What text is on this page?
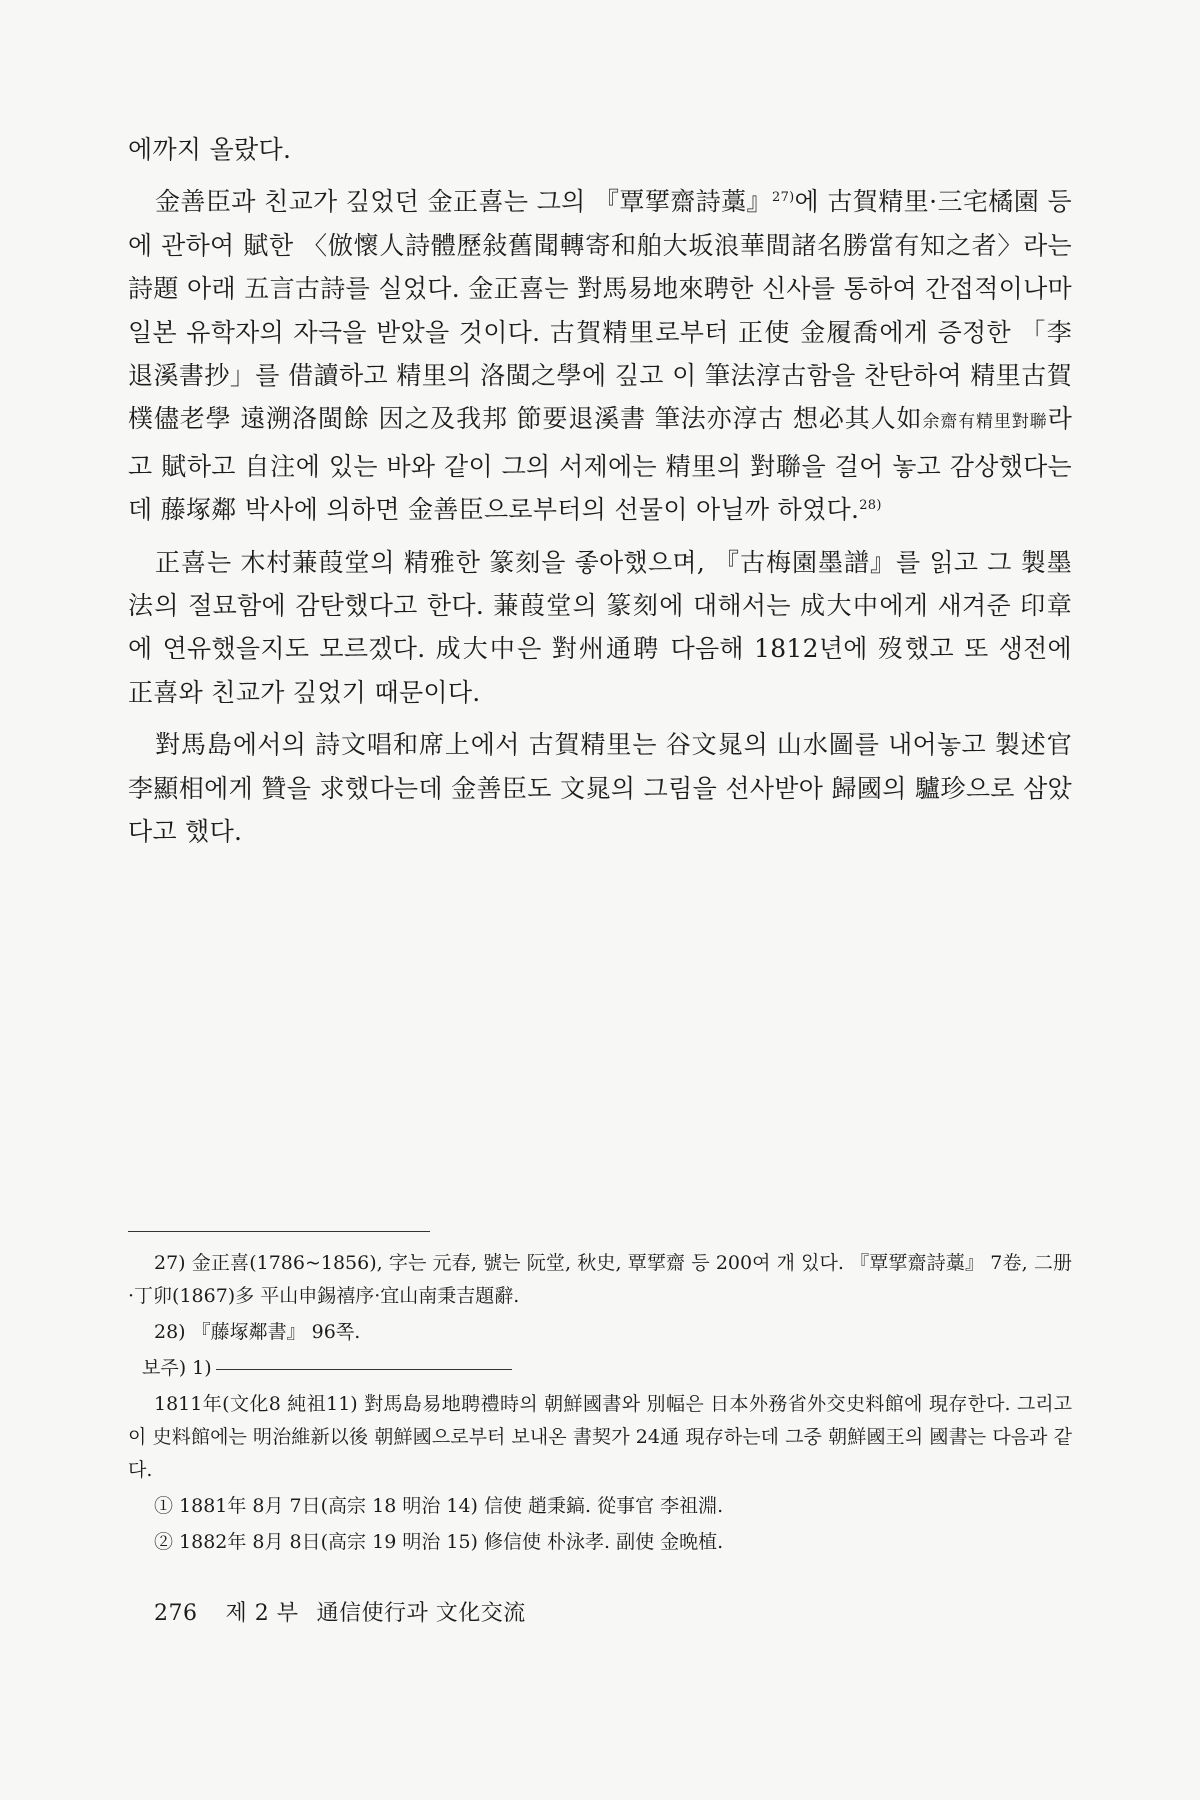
에까지 올랐다.

金善臣과 친교가 깊었던 金正喜는 그의 『覃揅齋詩藁』$^{27)}$에 古賀精里·三宅橘園 등에 관하여 賦한 〈倣懷人詩體歷敍舊聞轉寄和舶大坂浪華間諸名勝當有知之者〉라는 詩題 아래 五言古詩를 실었다. 金正喜는 對馬易地來聘한 신사를 통하여 간접적이나마 일본 유학자의 자극을 받았을 것이다. 古賀精里로부터 正使 金履喬에게 증정한 「李退溪書抄」를 借讀하고 精里의 洛閩之學에 깊고 이 筆法淳古함을 찬탄하여 精里古賀樸儘老學 遠溯洛閩餘 因之及我邦 節要退溪書 筆法亦淳古 想必其人如余齋有精里對聯라고 賦하고 自注에 있는 바와 같이 그의 서제에는 精里의 對聯을 걸어 놓고 감상했다는데 藤塚鄰 박사에 의하면 金善臣으로부터의 선물이 아닐까 하였다.$^{28)}$

正喜는 木村蒹葭堂의 精雅한 篆刻을 좋아했으며, 『古梅園墨譜』를 읽고 그 製墨法의 절묘함에 감탄했다고 한다. 蒹葭堂의 篆刻에 대해서는 成大中에게 새겨준 印章에 연유했을지도 모르겠다. 成大中은 對州通聘 다음해 1812년에 歿했고 또 생전에 正喜와 친교가 깊었기 때문이다.

對馬島에서의 詩文唱和席上에서 古賀精里는 谷文晁의 山水圖를 내어놓고 製述官 李顯相에게 贊을 求했다는데 金善臣도 文晁의 그림을 선사받아 歸國의 驢珍으로 삼았다고 했다.

27) 金正喜(1786~1856), 字는 元春, 號는 阮堂, 秋史, 覃揅齋 등 200여 개 있다. 『覃揅齋詩藁』 7卷, 二册·丁卯(1867)多 平山申錫禧序·宜山南秉吉題辭.

28) 『藤塚鄰書』 96쪽.

보주) 1)

1811年(文化8 純祖11) 對馬島易地聘禮時의 朝鮮國書와 別幅은 日本外務省外交史料館에 現存한다. 그리고 이 史料館에는 明治維新以後 朝鮮國으로부터 보내온 書契가 24通 現存하는데 그중 朝鮮國王의 國書는 다음과 같다.

① 1881年 8月 7日(高宗 18 明治 14) 信使 趙秉鎬. 從事官 李祖淵.

② 1882年 8月 8日(高宗 19 明治 15) 修信使 朴泳孝. 副使 金晩植.

276 제 2 부 通信使行과 文化交流
